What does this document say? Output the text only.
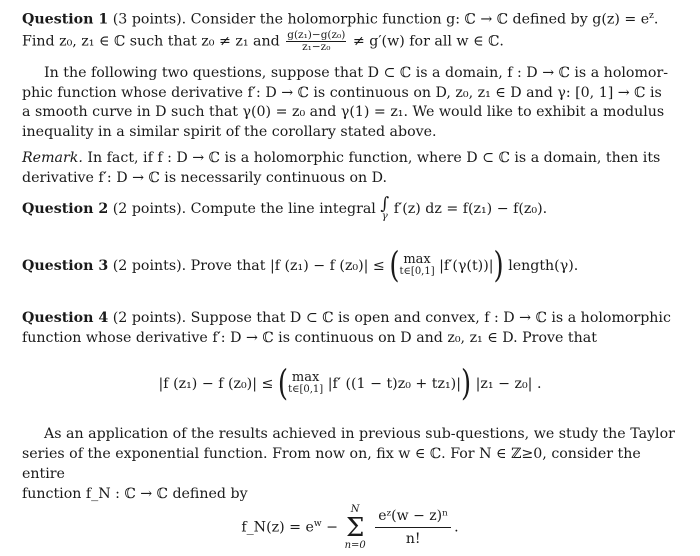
Question 1 (3 points). Consider the holomorphic function g: ℂ → ℂ defined by $g(z) = e^z$.
Find z₀, z₁ ∈ ℂ such that z₀ ≠ z₁ and $\frac{\text{g(z₁)−g(z₀)}}{\text{z₁−z₀}} \ne g'(w)$ for all w ∈ ℂ.

In the following two questions, suppose that D ⊂ ℂ is a domain, f : D → ℂ is a holomor-
phic function whose derivative f′: D → ℂ is continuous on D, z₀, z₁ ∈ D and γ: [0, 1] → ℂ is
a smooth curve in D such that γ(0) = z₀ and γ(1) = z₁. We would like to exhibit a modulus
inequality in a similar spirit of the corollary stated above.

Remark. In fact, if f : D → ℂ is a holomorphic function, where D ⊂ ℂ is a domain, then its
derivative f′: D → ℂ is necessarily continuous on D.

Question 2 (2 points). Compute the line integral ∫
γ f′(z) dz = f(z₁) − f(z₀).

Question 3 (2 points). Prove that |f (z₁) − f (z₀)| ≤ ( max
t∈[0,1] |f′(γ(t))|) length(γ).

Question 4 (2 points). Suppose that D ⊂ ℂ is open and convex, f : D → ℂ is a holomorphic
function whose derivative f′: D → ℂ is continuous on D and z₀, z₁ ∈ D. Prove that

|f (z₁) − f (z₀)| ≤ ( max
t∈[0,1] |f′ ((1 − t)z₀ + tz₁)|) |z₁ − z₀| .

As an application of the results achieved in previous sub-questions, we study the Taylor
series of the exponential function. From now on, fix w ∈ ℂ. For N ∈ ℤ≥0, consider the entire
function f_N : ℂ → ℂ defined by

f_N(z) = $e^w$ −
N
Σ
n=0
$\frac{\text{eᶻ(w − z)ⁿ}}{n!}$ .
